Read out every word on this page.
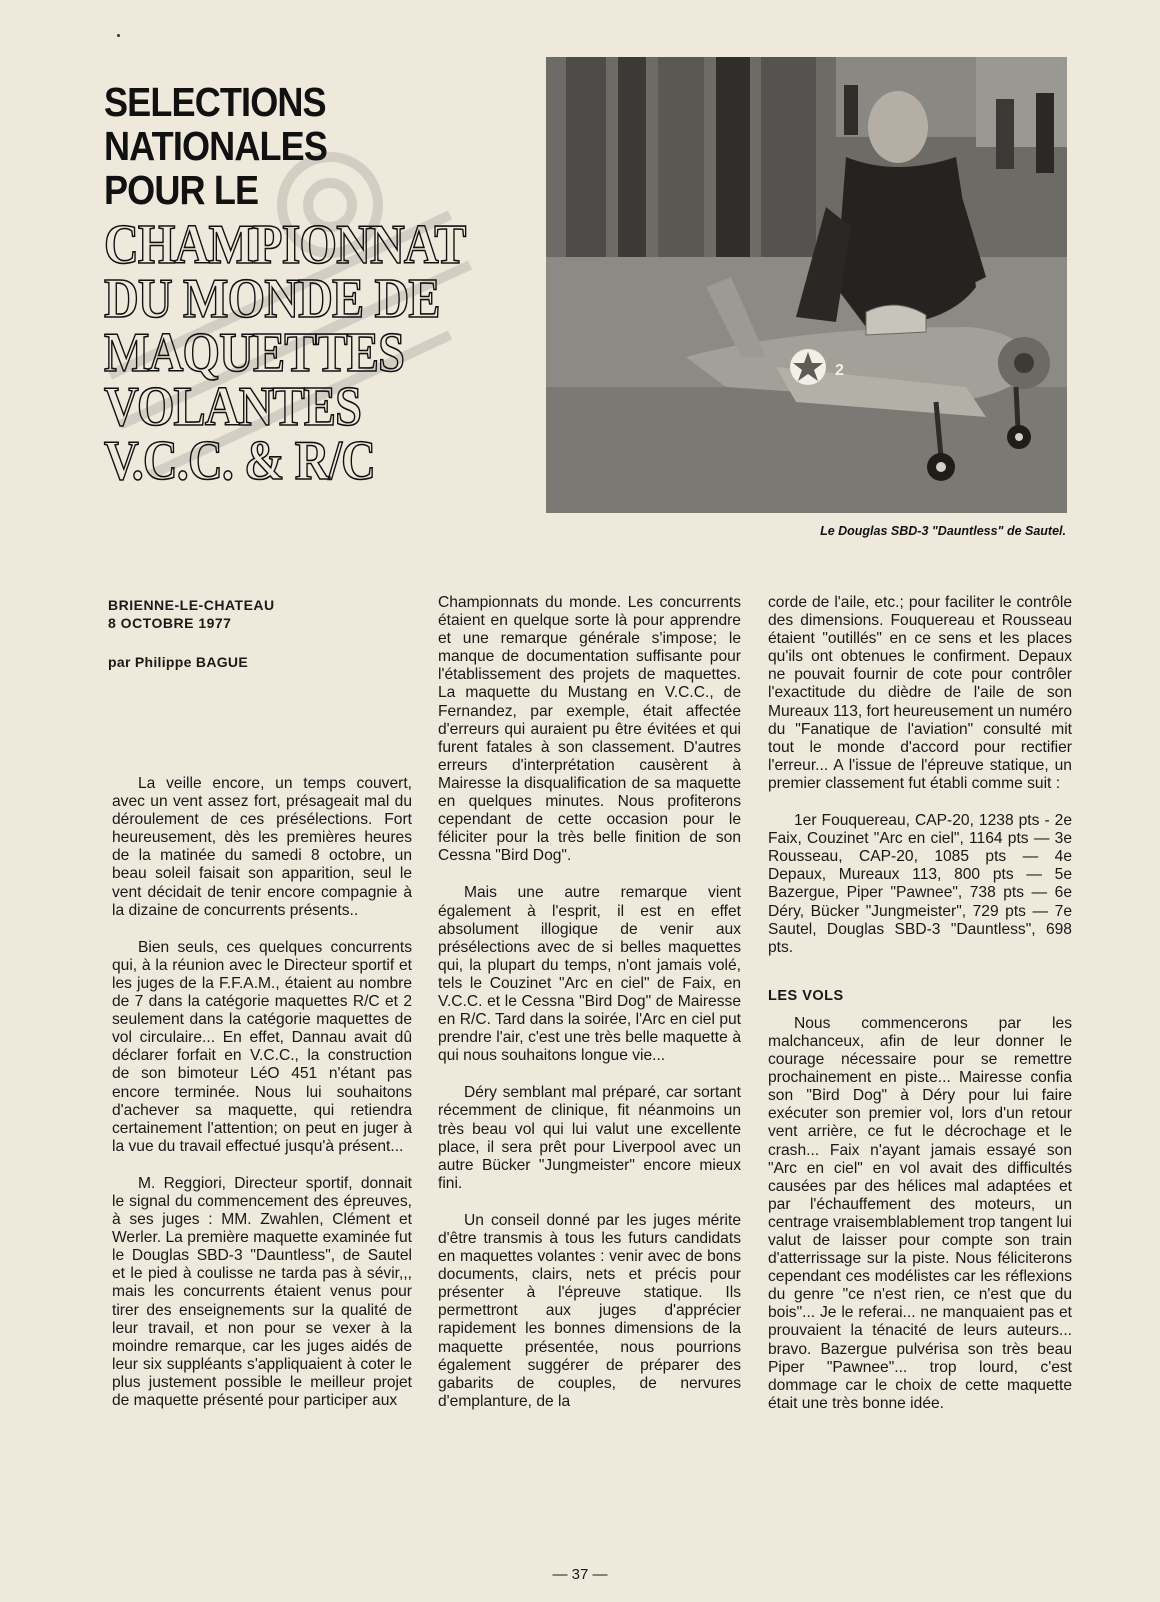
SELECTIONS
NATIONALES
POUR LE
CHAMPIONNAT
DU MONDE DE
MAQUETTES
VOLANTES
V.C.C. & R/C
2
Le Douglas SBD-3 "Dauntless" de Sautel.
BRIENNE-LE-CHATEAU
8 OCTOBRE 1977
par Philippe BAGUE

La veille encore, un temps couvert, avec un vent assez fort, présageait mal du déroulement de ces présélections. Fort heureusement, dès les premières heures de la matinée du samedi 8 octobre, un beau soleil faisait son apparition, seul le vent décidait de tenir encore compagnie à la dizaine de concurrents présents..

Bien seuls, ces quelques concurrents qui, à la réunion avec le Directeur sportif et les juges de la F.F.A.M., étaient au nombre de 7 dans la catégorie maquettes R/C et 2 seulement dans la catégorie maquettes de vol circulaire... En effet, Dannau avait dû déclarer forfait en V.C.C., la construction de son bimoteur LéO 451 n'étant pas encore terminée. Nous lui souhaitons d'achever sa maquette, qui retiendra certainement l'attention; on peut en juger à la vue du travail effectué jusqu'à présent...

M. Reggiori, Directeur sportif, donnait le signal du commencement des épreuves, à ses juges : MM. Zwahlen, Clément et Werler. La première maquette examinée fut le Douglas SBD-3 "Dauntless", de Sautel et le pied à coulisse ne tarda pas à sévir,,, mais les concurrents étaient venus pour tirer des enseignements sur la qualité de leur travail, et non pour se vexer à la moindre remarque, car les juges aidés de leur six suppléants s'appliquaient à coter le plus justement possible le meilleur projet de maquette présenté pour participer aux

Championnats du monde. Les concurrents étaient en quelque sorte là pour apprendre et une remarque générale s'impose; le manque de documentation suffisante pour l'établissement des projets de maquettes. La maquette du Mustang en V.C.C., de Fernandez, par exemple, était affectée d'erreurs qui auraient pu être évitées et qui furent fatales à son classement. D'autres erreurs d'interprétation causèrent à Mairesse la disqualification de sa maquette en quelques minutes. Nous profiterons cependant de cette occasion pour le féliciter pour la très belle finition de son Cessna "Bird Dog".

Mais une autre remarque vient également à l'esprit, il est en effet absolument illogique de venir aux présélections avec de si belles maquettes qui, la plupart du temps, n'ont jamais volé, tels le Couzinet "Arc en ciel" de Faix, en V.C.C. et le Cessna "Bird Dog" de Mairesse en R/C. Tard dans la soirée, l'Arc en ciel put prendre l'air, c'est une très belle maquette à qui nous souhaitons longue vie...

Déry semblant mal préparé, car sortant récemment de clinique, fit néanmoins un très beau vol qui lui valut une excellente place, il sera prêt pour Liverpool avec un autre Bücker "Jungmeister" encore mieux fini.

Un conseil donné par les juges mérite d'être transmis à tous les futurs candidats en maquettes volantes : venir avec de bons documents, clairs, nets et précis pour présenter à l'épreuve statique. Ils permettront aux juges d'apprécier rapidement les bonnes dimensions de la maquette présentée, nous pourrions également suggérer de préparer des gabarits de couples, de nervures d'emplanture, de la

corde de l'aile, etc.; pour faciliter le contrôle des dimensions. Fouquereau et Rousseau étaient "outillés" en ce sens et les places qu'ils ont obtenues le confirment. Depaux ne pouvait fournir de cote pour contrôler l'exactitude du dièdre de l'aile de son Mureaux 113, fort heureusement un numéro du "Fanatique de l'aviation" consulté mit tout le monde d'accord pour rectifier l'erreur... A l'issue de l'épreuve statique, un premier classement fut établi comme suit :

1er Fouquereau, CAP-20, 1238 pts - 2e Faix, Couzinet "Arc en ciel", 1164 pts — 3e Rousseau, CAP-20, 1085 pts — 4e Depaux, Mureaux 113, 800 pts — 5e Bazergue, Piper "Pawnee", 738 pts — 6e Déry, Bücker "Jungmeister", 729 pts — 7e Sautel, Douglas SBD-3 "Dauntless", 698 pts.

LES VOLS

Nous commencerons par les malchanceux, afin de leur donner le courage nécessaire pour se remettre prochainement en piste... Mairesse confia son "Bird Dog" à Déry pour lui faire exécuter son premier vol, lors d'un retour vent arrière, ce fut le décrochage et le crash... Faix n'ayant jamais essayé son "Arc en ciel" en vol avait des difficultés causées par des hélices mal adaptées et par l'échauffement des moteurs, un centrage vraisemblablement trop tangent lui valut de laisser pour compte son train d'atterrissage sur la piste. Nous féliciterons cependant ces modélistes car les réflexions du genre "ce n'est rien, ce n'est que du bois"... Je le referai... ne manquaient pas et prouvaient la ténacité de leurs auteurs... bravo. Bazergue pulvérisa son très beau Piper "Pawnee"... trop lourd, c'est dommage car le choix de cette maquette était une très bonne idée.

— 37 —
